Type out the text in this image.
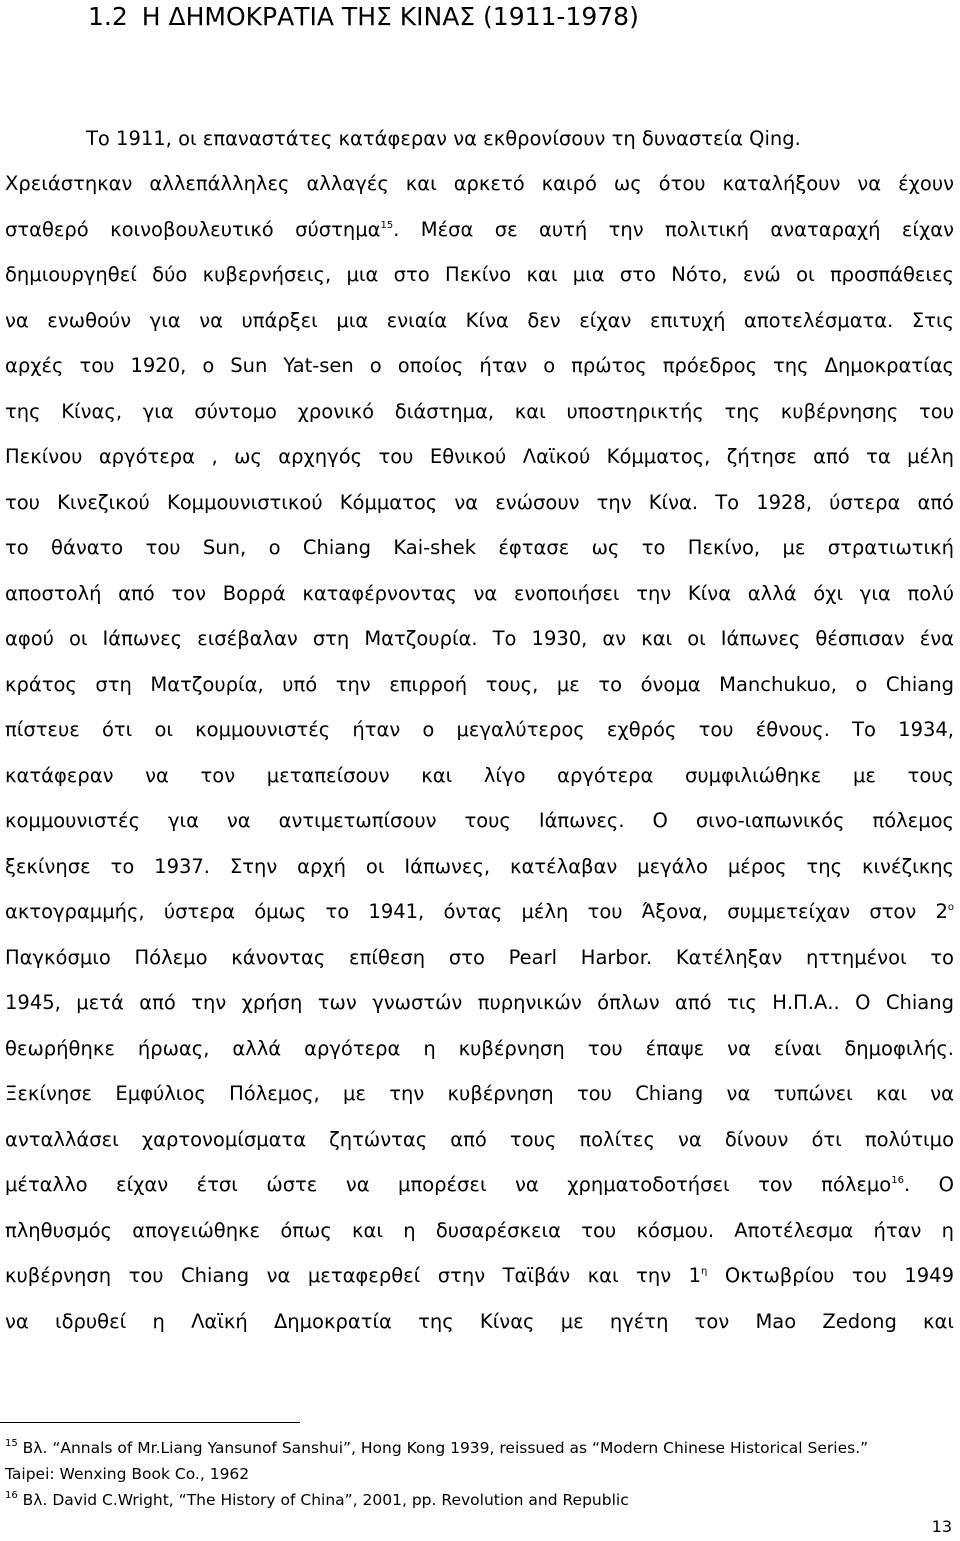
1.2 Η ΔΗΜΟΚΡΑΤΙΑ ΤΗΣ ΚΙΝΑΣ (1911-1978)
Το 1911, οι επαναστάτες κατάφεραν να εκθρονίσουν τη δυναστεία Qing.
Χρειάστηκαν αλλεπάλληλες αλλαγές και αρκετό καιρό ως ότου καταλήξουν να έχουν
σταθερό κοινοβουλευτικό σύστημα$^{15}$. Μέσα σε αυτή την πολιτική αναταραχή είχαν
δημιουργηθεί δύο κυβερνήσεις, μια στο Πεκίνο και μια στο Νότο, ενώ οι προσπάθειες
να ενωθούν για να υπάρξει μια ενιαία Κίνα δεν είχαν επιτυχή αποτελέσματα. Στις
αρχές του 1920, ο Sun Yat-sen ο οποίος ήταν ο πρώτος πρόεδρος της Δημοκρατίας
της Κίνας, για σύντομο χρονικό διάστημα, και υποστηρικτής της κυβέρνησης του
Πεκίνου αργότερα , ως αρχηγός του Εθνικού Λαϊκού Κόμματος, ζήτησε από τα μέλη
του Κινεζικού Κομμουνιστικού Κόμματος να ενώσουν την Κίνα. Το 1928, ύστερα από
το θάνατο του Sun, ο Chiang Kai-shek έφτασε ως το Πεκίνο, με στρατιωτική
αποστολή από τον Βορρά καταφέρνοντας να ενοποιήσει την Κίνα αλλά όχι για πολύ
αφού οι Ιάπωνες εισέβαλαν στη Ματζουρία. Το 1930, αν και οι Ιάπωνες θέσπισαν ένα
κράτος στη Ματζουρία, υπό την επιρροή τους, με το όνομα Manchukuo, ο Chiang
πίστευε ότι οι κομμουνιστές ήταν ο μεγαλύτερος εχθρός του έθνους. Το 1934,
κατάφεραν να τον μεταπείσουν και λίγο αργότερα συμφιλιώθηκε με τους
κομμουνιστές για να αντιμετωπίσουν τους Ιάπωνες. Ο σινο-ιαπωνικός πόλεμος
ξεκίνησε το 1937. Στην αρχή οι Ιάπωνες, κατέλαβαν μεγάλο μέρος της κινέζικης
ακτογραμμής, ύστερα όμως το 1941, όντας μέλη του Άξονα, συμμετείχαν στον $2^o$
Παγκόσμιο Πόλεμο κάνοντας επίθεση στο Pearl Harbor. Κατέληξαν ηττημένοι το
1945, μετά από την χρήση των γνωστών πυρηνικών όπλων από τις Η.Π.Α.. Ο Chiang
θεωρήθηκε ήρωας, αλλά αργότερα η κυβέρνηση του έπαψε να είναι δημοφιλής.
Ξεκίνησε Εμφύλιος Πόλεμος, με την κυβέρνηση του Chiang να τυπώνει και να
ανταλλάσει χαρτονομίσματα ζητώντας από τους πολίτες να δίνουν ότι πολύτιμο
μέταλλο είχαν έτσι ώστε να μπορέσει να χρηματοδοτήσει τον πόλεμο$^{16}$. Ο
πληθυσμός απογειώθηκε όπως και η δυσαρέσκεια του κόσμου. Αποτέλεσμα ήταν η
κυβέρνηση του Chiang να μεταφερθεί στην Ταϊβάν και την $1^\eta$ Οκτωβρίου του 1949
να ιδρυθεί η Λαϊκή Δημοκρατία της Κίνας με ηγέτη τον Mao Zedong και
$^{15}$ Βλ. “Annals of Mr.Liang Yansunof Sanshui”, Hong Kong 1939, reissued as “Modern Chinese Historical Series.”
Taipei: Wenxing Book Co., 1962
$^{16}$ Βλ. David C.Wright, “The History of China”, 2001, pp. Revolution and Republic
13
